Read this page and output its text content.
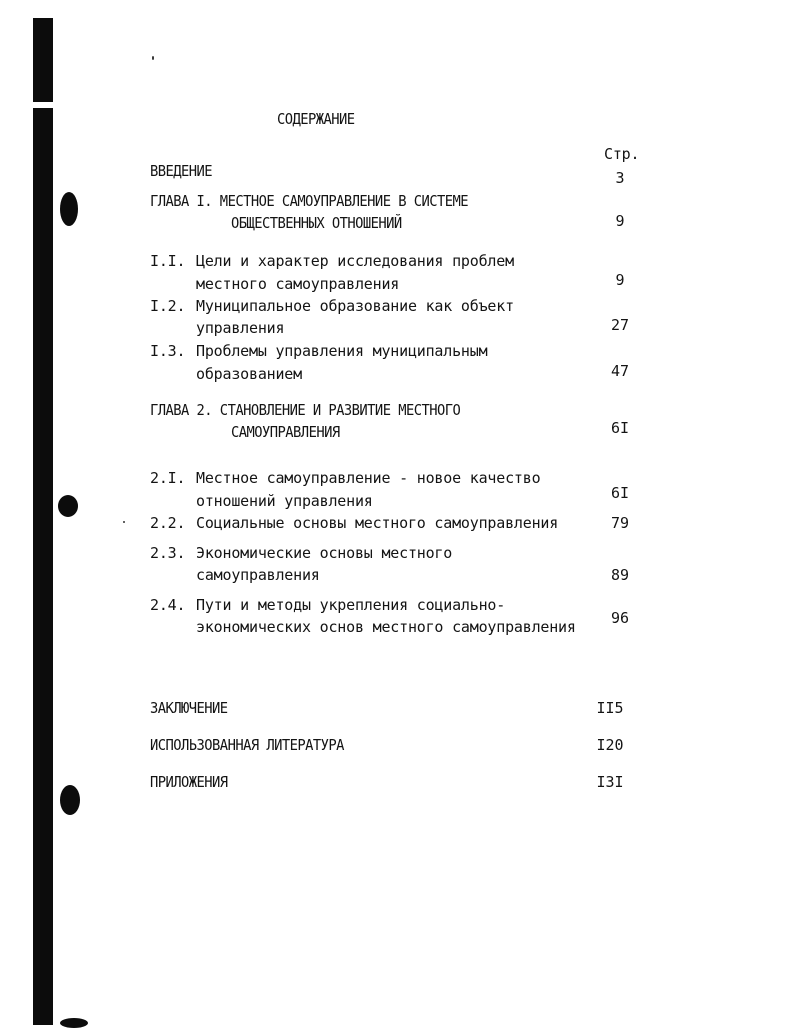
СОДЕРЖАНИЕ
Стр.
ВВЕДЕНИЕ	3
ГЛАВА I. МЕСТНОЕ САМОУПРАВЛЕНИЕ В СИСТЕМЕ
ОБЩЕСТВЕННЫХ ОТНОШЕНИЙ	9
I.I. Цели и характер исследования проблем
местного самоуправления	9
I.2. Муниципальное образование как объект
управления	27
I.3. Проблемы управления муниципальным
образованием	47
ГЛАВА 2. СТАНОВЛЕНИЕ И РАЗВИТИЕ МЕСТНОГО
САМОУПРАВЛЕНИЯ	6I
2.I. Местное самоуправление - новое качество
отношений управления	6I
2.2. Социальные основы местного самоуправления	79
2.3. Экономические основы местного
самоуправления	89
2.4. Пути и методы укрепления социально-
экономических основ местного самоуправления	96
ЗАКЛЮЧЕНИЕ	II5
ИСПОЛЬЗОВАННАЯ ЛИТЕРАТУРА	I20
ПРИЛОЖЕНИЯ	I3I
